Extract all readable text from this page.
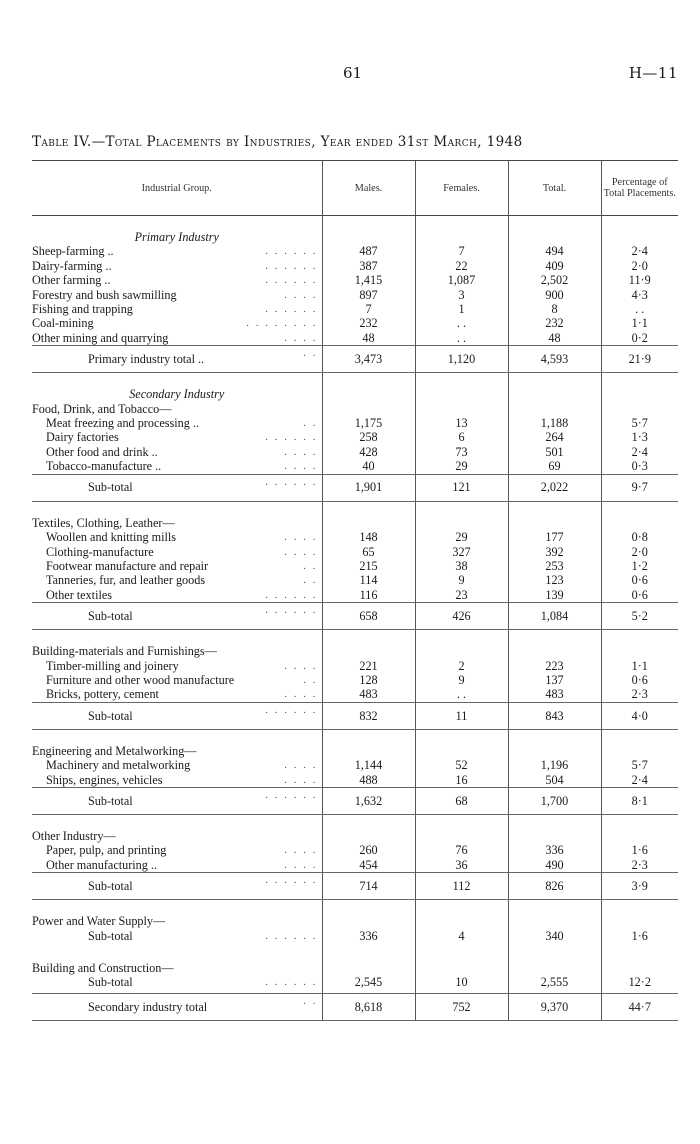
61	H—11
Table IV.—Total Placements by Industries, Year ended 31st March, 1948
Industrial Group.	Males.	Females.	Total.	Percentage of Total Placements.

Primary Industry				
Sheep-farming .. . . . . . .	487	7	494	2·4
Dairy-farming .. . . . . . .	387	22	409	2·0
Other farming .. . . . . . .	1,415	1,087	2,502	11·9
Forestry and bush sawmilling . . . .	897	3	900	4·3
Fishing and trapping . . . . . .	7	1	8	. .
Coal-mining . . . . . . . .	232	. .	232	1·1
Other mining and quarrying . . . .	48	. .	48	0·2
Primary industry total .. . .	3,473	1,120	4,593	21·9

Secondary Industry				
Food, Drink, and Tobacco—				
Meat freezing and processing .. . .	1,175	13	1,188	5·7
Dairy factories . . . . . .	258	6	264	1·3
Other food and drink .. . . . .	428	73	501	2·4
Tobacco-manufacture .. . . . .	40	29	69	0·3
Sub-total . . . . . .	1,901	121	2,022	9·7

Textiles, Clothing, Leather—				
Woollen and knitting mills . . . .	148	29	177	0·8
Clothing-manufacture . . . .	65	327	392	2·0
Footwear manufacture and repair . .	215	38	253	1·2
Tanneries, fur, and leather goods . .	114	9	123	0·6
Other textiles . . . . . .	116	23	139	0·6
Sub-total . . . . . .	658	426	1,084	5·2

Building-materials and Furnishings—				
Timber-milling and joinery . . . .	221	2	223	1·1
Furniture and other wood manufacture . .	128	9	137	0·6
Bricks, pottery, cement . . . .	483	. .	483	2·3
Sub-total . . . . . .	832	11	843	4·0

Engineering and Metalworking—				
Machinery and metalworking . . . .	1,144	52	1,196	5·7
Ships, engines, vehicles . . . .	488	16	504	2·4
Sub-total . . . . . .	1,632	68	1,700	8·1

Other Industry—				
Paper, pulp, and printing . . . .	260	76	336	1·6
Other manufacturing .. . . . .	454	36	490	2·3
Sub-total . . . . . .	714	112	826	3·9

Power and Water Supply—				
Sub-total . . . . . .	336	4	340	1·6

Building and Construction—				
Sub-total . . . . . .	2,545	10	2,555	12·2
Secondary industry total . .	8,618	752	9,370	44·7
